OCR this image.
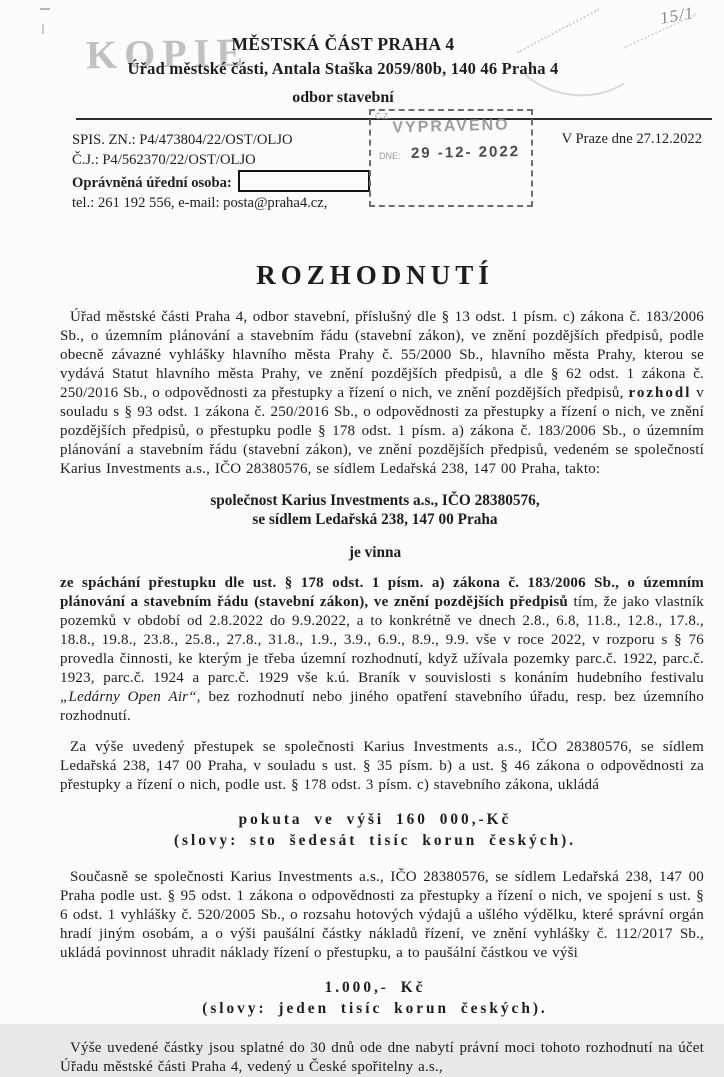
15/1
KOPIE
MĚSTSKÁ ČÁST PRAHA 4
Úřad městské části, Antala Staška 2059/80b, 140 46 Praha 4
odbor stavební
SPIS. ZN.: P4/473804/22/OST/OLJO
Č.J.: P4/562370/22/OST/OLJO
Oprávněná úřední osoba:
tel.: 261 192 556, e-mail: posta@praha4.cz,
Č.Z. VYPRAVENO
DNE: 29 -12- 2022
V Praze dne 27.12.2022
ROZHODNUTÍ

Úřad městské části Praha 4, odbor stavební, příslušný dle § 13 odst. 1 písm. c) zákona č. 183/2006 Sb., o územním plánování a stavebním řádu (stavební zákon), ve znění pozdějších předpisů, podle obecně závazné vyhlášky hlavního města Prahy č. 55/2000 Sb., hlavního města Prahy, kterou se vydává Statut hlavního města Prahy, ve znění pozdějších předpisů, a dle § 62 odst. 1 zákona č. 250/2016 Sb., o odpovědnosti za přestupky a řízení o nich, ve znění pozdějších předpisů, rozhodl v souladu s § 93 odst. 1 zákona č. 250/2016 Sb., o odpovědnosti za přestupky a řízení o nich, ve znění pozdějších předpisů, o přestupku podle § 178 odst. 1 písm. a) zákona č. 183/2006 Sb., o územním plánování a stavebním řádu (stavební zákon), ve znění pozdějších předpisů, vedeném se společností Karius Investments a.s., IČO 28380576, se sídlem Ledařská 238, 147 00 Praha, takto:

společnost Karius Investments a.s., IČO 28380576,
se sídlem Ledařská 238, 147 00 Praha
je vinna

ze spáchání přestupku dle ust. § 178 odst. 1 písm. a) zákona č. 183/2006 Sb., o územním plánování a stavebním řádu (stavební zákon), ve znění pozdějších předpisů tím, že jako vlastník pozemků v období od 2.8.2022 do 9.9.2022, a to konkrétně ve dnech 2.8., 6.8, 11.8., 12.8., 17.8., 18.8., 19.8., 23.8., 25.8., 27.8., 31.8., 1.9., 3.9., 6.9., 8.9., 9.9. vše v roce 2022, v rozporu s § 76 provedla činnosti, ke kterým je třeba územní rozhodnutí, když užívala pozemky parc.č. 1922, parc.č. 1923, parc.č. 1924 a parc.č. 1929 vše k.ú. Braník v souvislosti s konáním hudebního festivalu „Ledárny Open Air“, bez rozhodnutí nebo jiného opatření stavebního úřadu, resp. bez územního rozhodnutí.

Za výše uvedený přestupek se společnosti Karius Investments a.s., IČO 28380576, se sídlem Ledařská 238, 147 00 Praha, v souladu s ust. § 35 písm. b) a ust. § 46 zákona o odpovědnosti za přestupky a řízení o nich, podle ust. § 178 odst. 3 písm. c) stavebního zákona, ukládá

pokuta ve výši 160 000,-Kč
(slovy: sto šedesát tisíc korun českých).

Současně se společnosti Karius Investments a.s., IČO 28380576, se sídlem Ledařská 238, 147 00 Praha podle ust. § 95 odst. 1 zákona o odpovědnosti za přestupky a řízení o nich, ve spojení s ust. § 6 odst. 1 vyhlášky č. 520/2005 Sb., o rozsahu hotových výdajů a ušlého výdělku, které správní orgán hradí jiným osobám, a o výši paušální částky nákladů řízení, ve znění vyhlášky č. 112/2017 Sb., ukládá povinnost uhradit náklady řízení o přestupku, a to paušální částkou ve výši

1.000,- Kč
(slovy: jeden tisíc korun českých).

Výše uvedené částky jsou splatné do 30 dnů ode dne nabytí právní moci tohoto rozhodnutí na účet Úřadu městské části Praha 4, vedený u České spořitelny a.s.,
